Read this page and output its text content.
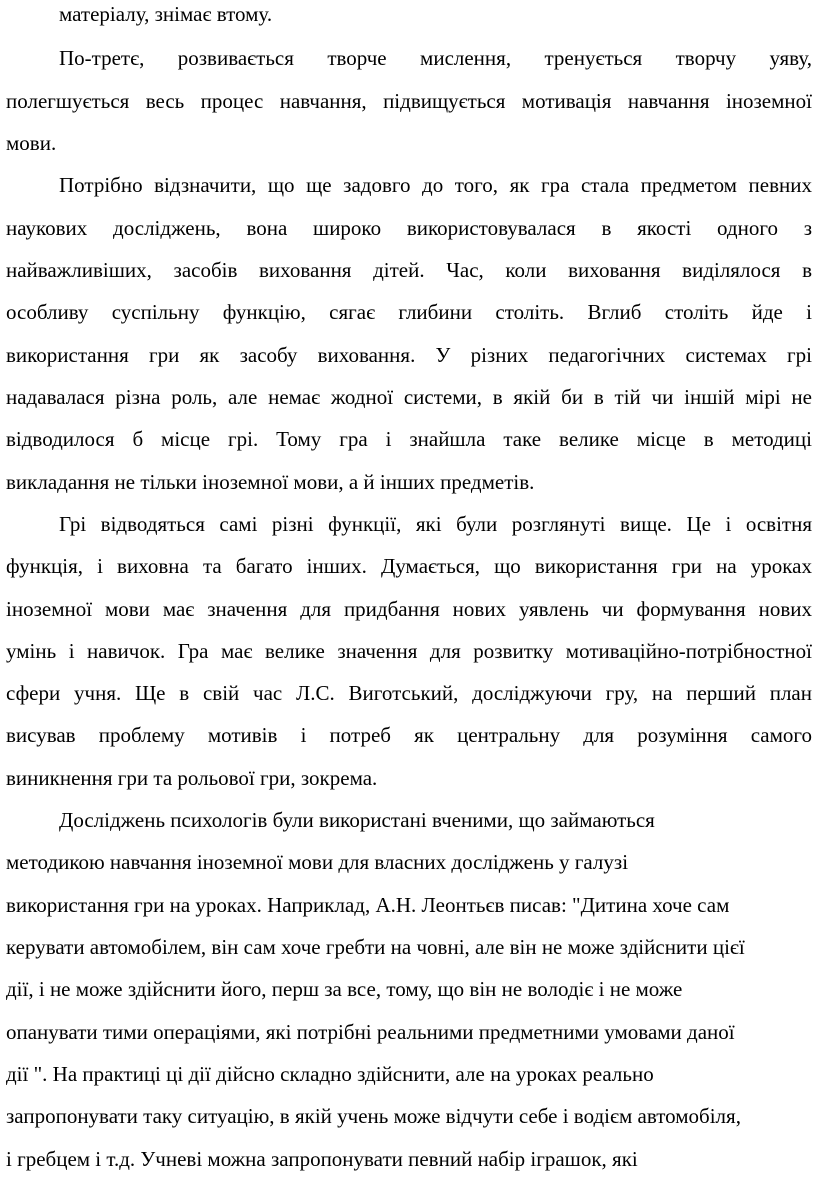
матеріалу, знімає втому.
По-третє, розвивається творче мислення, тренується творчу уяву,
полегшується весь процес навчання, підвищується мотивація навчання іноземної
мови.
Потрібно відзначити, що ще задовго до того, як гра стала предметом певних
наукових досліджень, вона широко використовувалася в якості одного з
найважливіших, засобів виховання дітей. Час, коли виховання виділялося в
особливу суспільну функцію, сягає глибини століть. Вглиб століть йде і
використання гри як засобу виховання. У різних педагогічних системах грі
надавалася різна роль, але немає жодної системи, в якій би в тій чи іншій мірі не
відводилося б місце грі. Тому гра і знайшла таке велике місце в методиці
викладання не тільки іноземної мови, а й інших предметів.
Грі відводяться самі різні функції, які були розглянуті вище. Це і освітня
функція, і виховна та багато інших. Думається, що використання гри на уроках
іноземної мови має значення для придбання нових уявлень чи формування нових
умінь і навичок. Гра має велике значення для розвитку мотиваційно-потрібностної
сфери учня. Ще в свій час Л.С. Виготський, досліджуючи гру, на перший план
висував проблему мотивів і потреб як центральну для розуміння самого
виникнення гри та рольової гри, зокрема.
Досліджень психологів були використані вченими, що займаються
методикою навчання іноземної мови для власних досліджень у галузі
використання гри на уроках. Наприклад, А.Н. Леонтьєв писав: "Дитина хоче сам
керувати автомобілем, він сам хоче гребти на човні, але він не може здійснити цієї
дії, і не може здійснити його, перш за все, тому, що він не володіє і не може
опанувати тими операціями, які потрібні реальними предметними умовами даної
дії ". На практиці ці дії дійсно складно здійснити, але на уроках реально
запропонувати таку ситуацію, в якій учень може відчути себе і водієм автомобіля,
і гребцем і т.д. Учневі можна запропонувати певний набір іграшок, які
